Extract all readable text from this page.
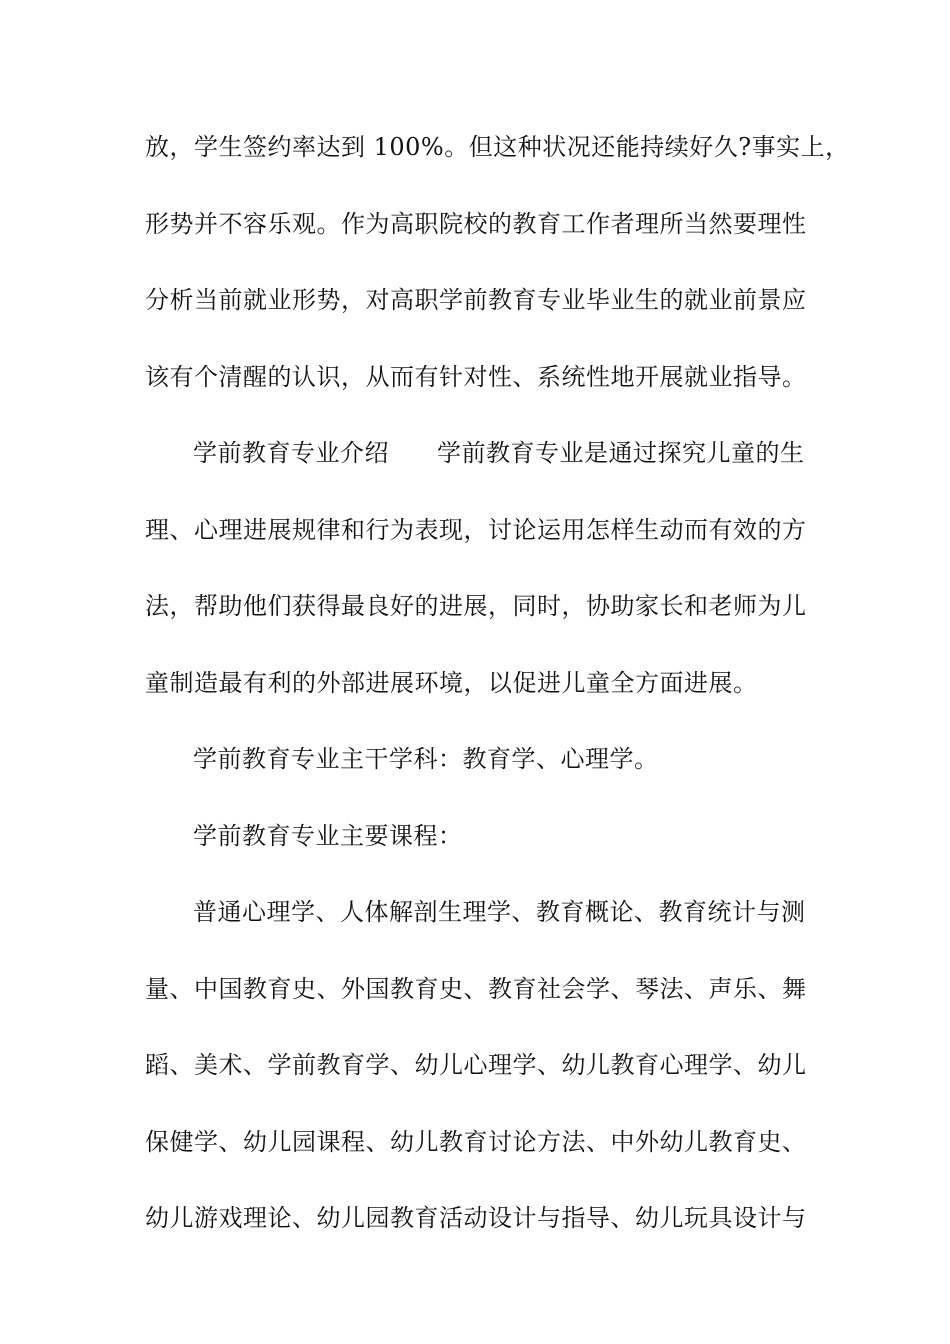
放，学生签约率达到 100%。但这种状况还能持续好久?事实上，
形势并不容乐观。作为高职院校的教育工作者理所当然要理性
分析当前就业形势，对高职学前教育专业毕业生的就业前景应
该有个清醒的认识，从而有针对性、系统性地开展就业指导。
学前教育专业介绍 学前教育专业是通过探究儿童的生
理、心理进展规律和行为表现，讨论运用怎样生动而有效的方
法，帮助他们获得最良好的进展，同时，协助家长和老师为儿
童制造最有利的外部进展环境，以促进儿童全方面进展。
学前教育专业主干学科：教育学、心理学。
学前教育专业主要课程：
普通心理学、人体解剖生理学、教育概论、教育统计与测
量、中国教育史、外国教育史、教育社会学、琴法、声乐、舞
蹈、美术、学前教育学、幼儿心理学、幼儿教育心理学、幼儿
保健学、幼儿园课程、幼儿教育讨论方法、中外幼儿教育史、
幼儿游戏理论、幼儿园教育活动设计与指导、幼儿玩具设计与
